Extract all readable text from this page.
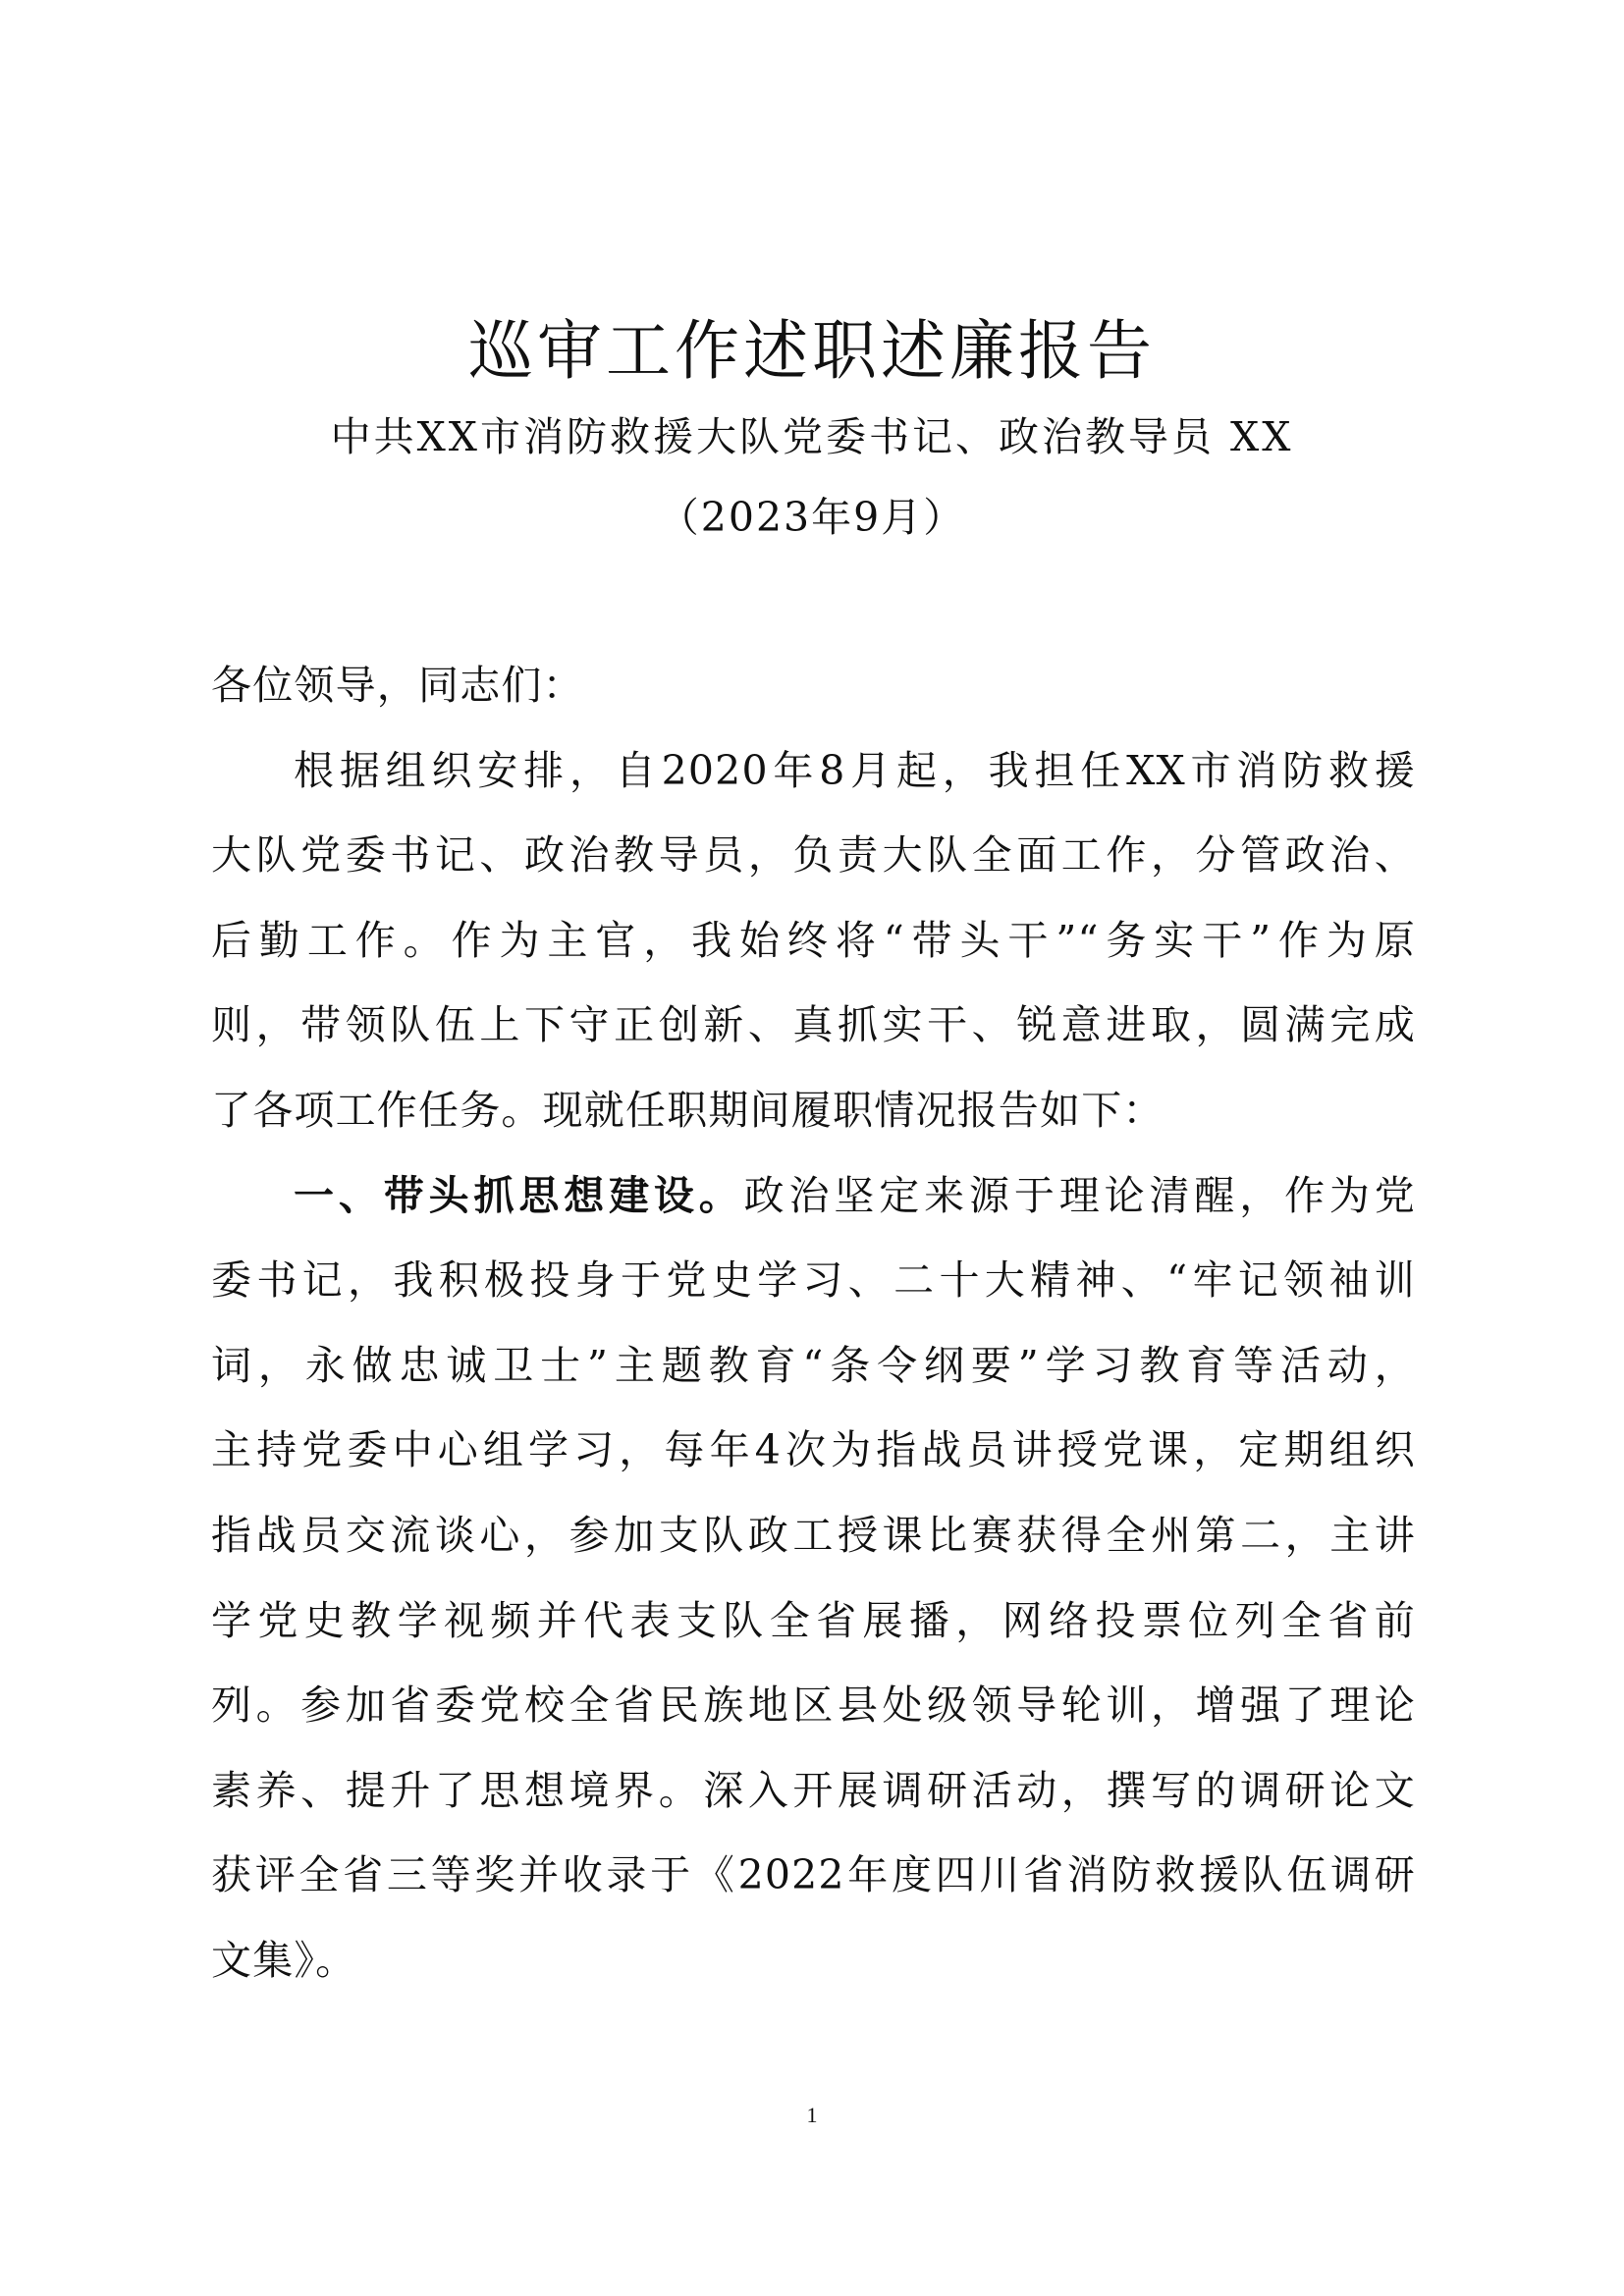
巡审工作述职述廉报告
中共XX市消防救援大队党委书记、政治教导员 XX
（2023年9月）

各位领导，同志们：

根据组织安排，自2020年8月起，我担任XX市消防救援
大队党委书记、政治教导员，负责大队全面工作，分管政治、
后勤工作。作为主官，我始终将“带头干”“务实干”作为原
则，带领队伍上下守正创新、真抓实干、锐意进取，圆满完成
了各项工作任务。现就任职期间履职情况报告如下：

一、带头抓思想建设。政治坚定来源于理论清醒，作为党
委书记，我积极投身于党史学习、二十大精神、“牢记领袖训
词，永做忠诚卫士”主题教育“条令纲要”学习教育等活动，
主持党委中心组学习，每年4次为指战员讲授党课，定期组织
指战员交流谈心，参加支队政工授课比赛获得全州第二，主讲
学党史教学视频并代表支队全省展播，网络投票位列全省前
列。参加省委党校全省民族地区县处级领导轮训，增强了理论
素养、提升了思想境界。深入开展调研活动，撰写的调研论文
获评全省三等奖并收录于《2022年度四川省消防救援队伍调研
文集》。

1
